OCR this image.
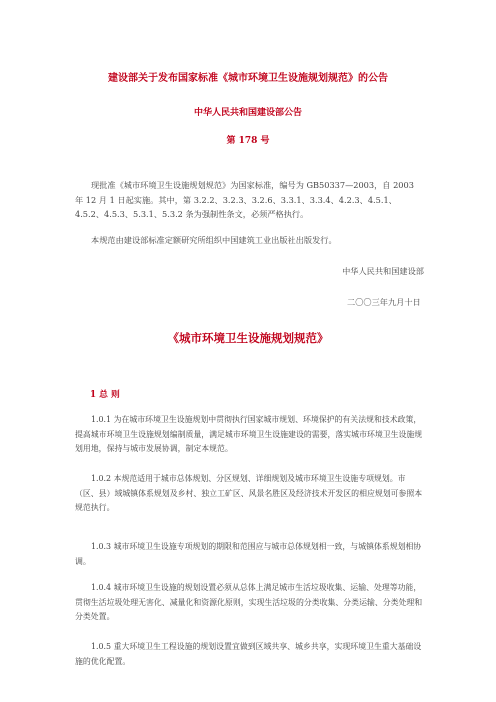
建设部关于发布国家标准《城市环境卫生设施规划规范》的公告
中华人民共和国建设部公告
第 178 号
现批准《城市环境卫生设施规划规范》为国家标准，编号为 GB50337—2003，自 2003 年 12 月 1 日起实施。其中，第 3.2.2、3.2.3、3.2.6、3.3.1、3.3.4、4.2.3、4.5.1、4.5.2、4.5.3、5.3.1、5.3.2 条为强制性条文，必须严格执行。
本规范由建设部标准定额研究所组织中国建筑工业出版社出版发行。
中华人民共和国建设部
二〇〇三年九月十日
《城市环境卫生设施规划规范》
1 总 则
1.0.1 为在城市环境卫生设施规划中贯彻执行国家城市规划、环境保护的有关法规和技术政策，提高城市环境卫生设施规划编制质量，满足城市环境卫生设施建设的需要，落实城市环境卫生设施规划用地，保持与城市发展协调，制定本规范。
1.0.2 本规范适用于城市总体规划、分区规划、详细规划及城市环境卫生设施专项规划。市（区、县）域城镇体系规划及乡村、独立工矿区、风景名胜区及经济技术开发区的相应规划可参照本规范执行。
1.0.3 城市环境卫生设施专项规划的期限和范围应与城市总体规划相一致，与城镇体系规划相协调。
1.0.4 城市环境卫生设施的规划设置必须从总体上满足城市生活垃圾收集、运输、处理等功能，贯彻生活垃圾处理无害化、减量化和资源化原则，实现生活垃圾的分类收集、分类运输、分类处理和分类处置。
1.0.5 重大环境卫生工程设施的规划设置宜做到区域共享、城乡共享，实现环境卫生重大基础设施的优化配置。
